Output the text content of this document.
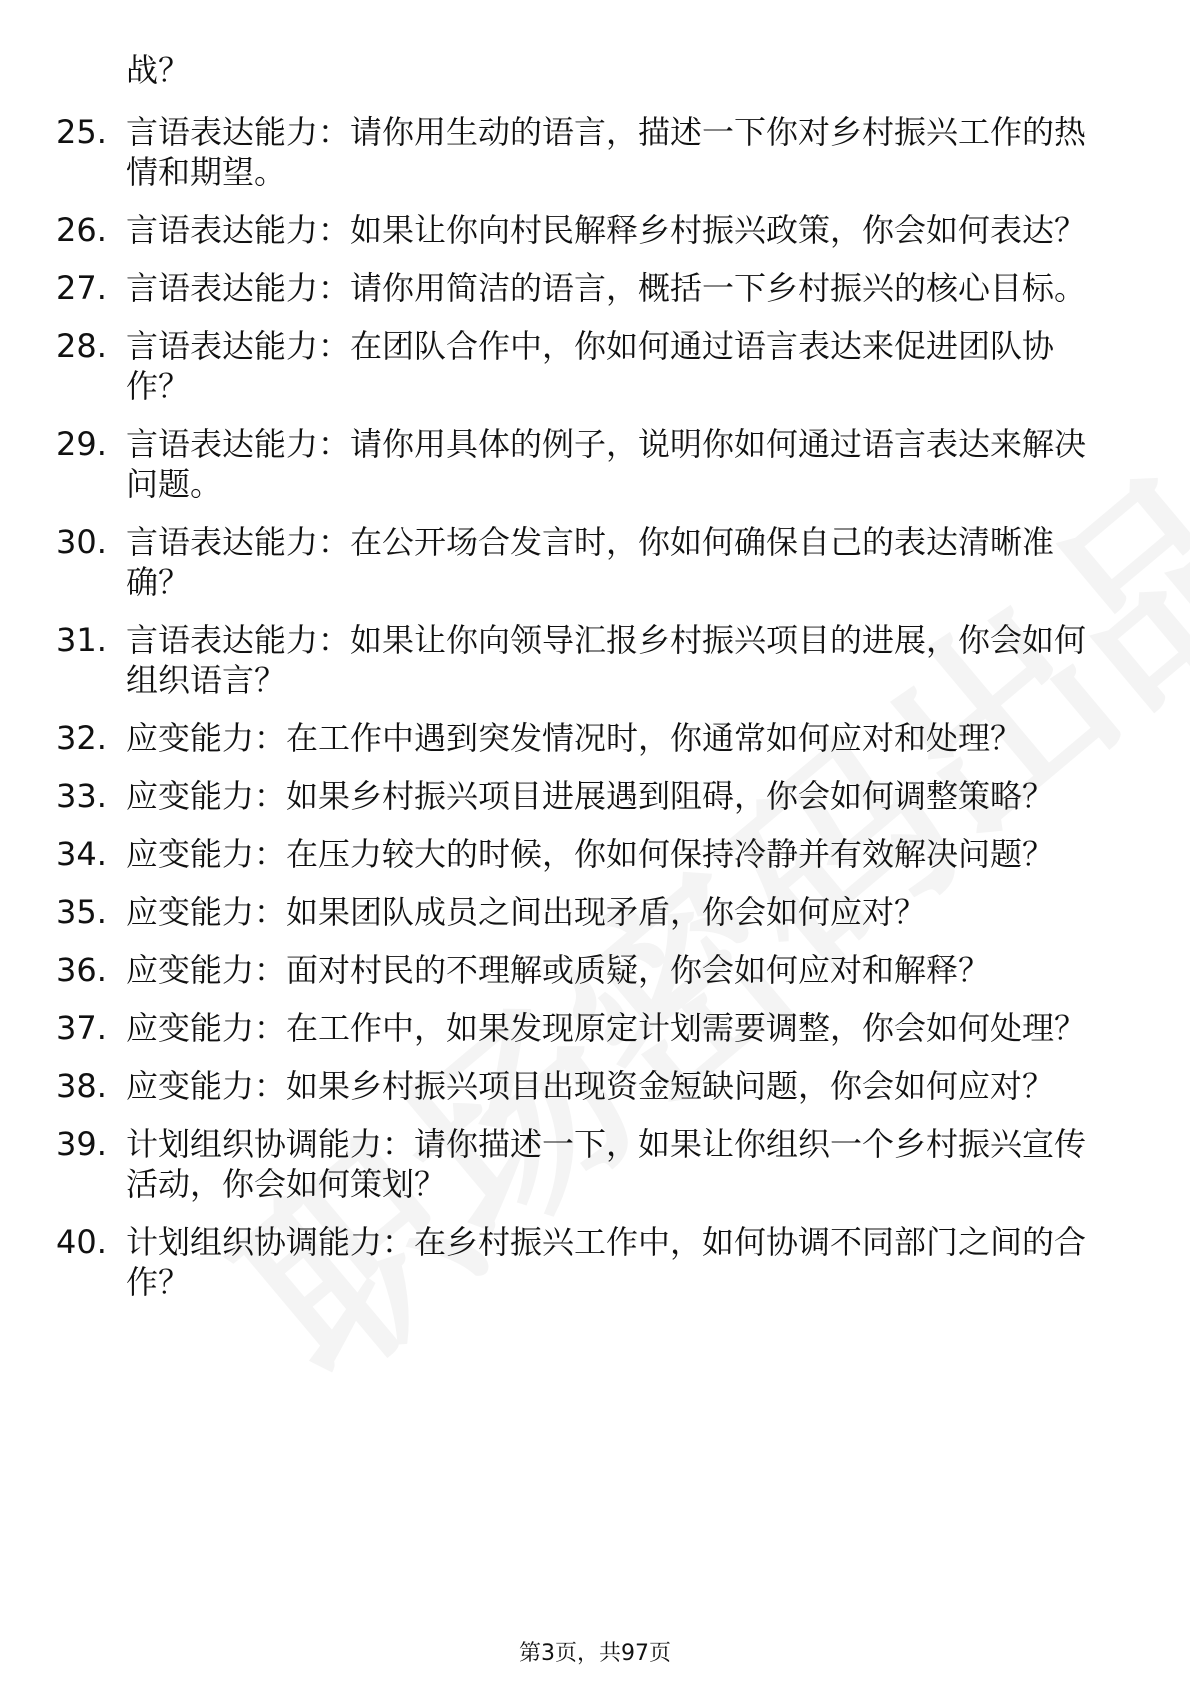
战？
25. 言语表达能力：请你用生动的语言，描述一下你对乡村振兴工作的热情和期望。
26. 言语表达能力：如果让你向村民解释乡村振兴政策，你会如何表达？
27. 言语表达能力：请你用简洁的语言，概括一下乡村振兴的核心目标。
28. 言语表达能力：在团队合作中，你如何通过语言表达来促进团队协作？
29. 言语表达能力：请你用具体的例子，说明你如何通过语言表达来解决问题。
30. 言语表达能力：在公开场合发言时，你如何确保自己的表达清晰准确？
31. 言语表达能力：如果让你向领导汇报乡村振兴项目的进展，你会如何组织语言？
32. 应变能力：在工作中遇到突发情况时，你通常如何应对和处理？
33. 应变能力：如果乡村振兴项目进展遇到阻碍，你会如何调整策略？
34. 应变能力：在压力较大的时候，你如何保持冷静并有效解决问题？
35. 应变能力：如果团队成员之间出现矛盾，你会如何应对？
36. 应变能力：面对村民的不理解或质疑，你会如何应对和解释？
37. 应变能力：在工作中，如果发现原定计划需要调整，你会如何处理？
38. 应变能力：如果乡村振兴项目出现资金短缺问题，你会如何应对？
39. 计划组织协调能力：请你描述一下，如果让你组织一个乡村振兴宣传活动，你会如何策划？
40. 计划组织协调能力：在乡村振兴工作中，如何协调不同部门之间的合作？
第3页，共97页
